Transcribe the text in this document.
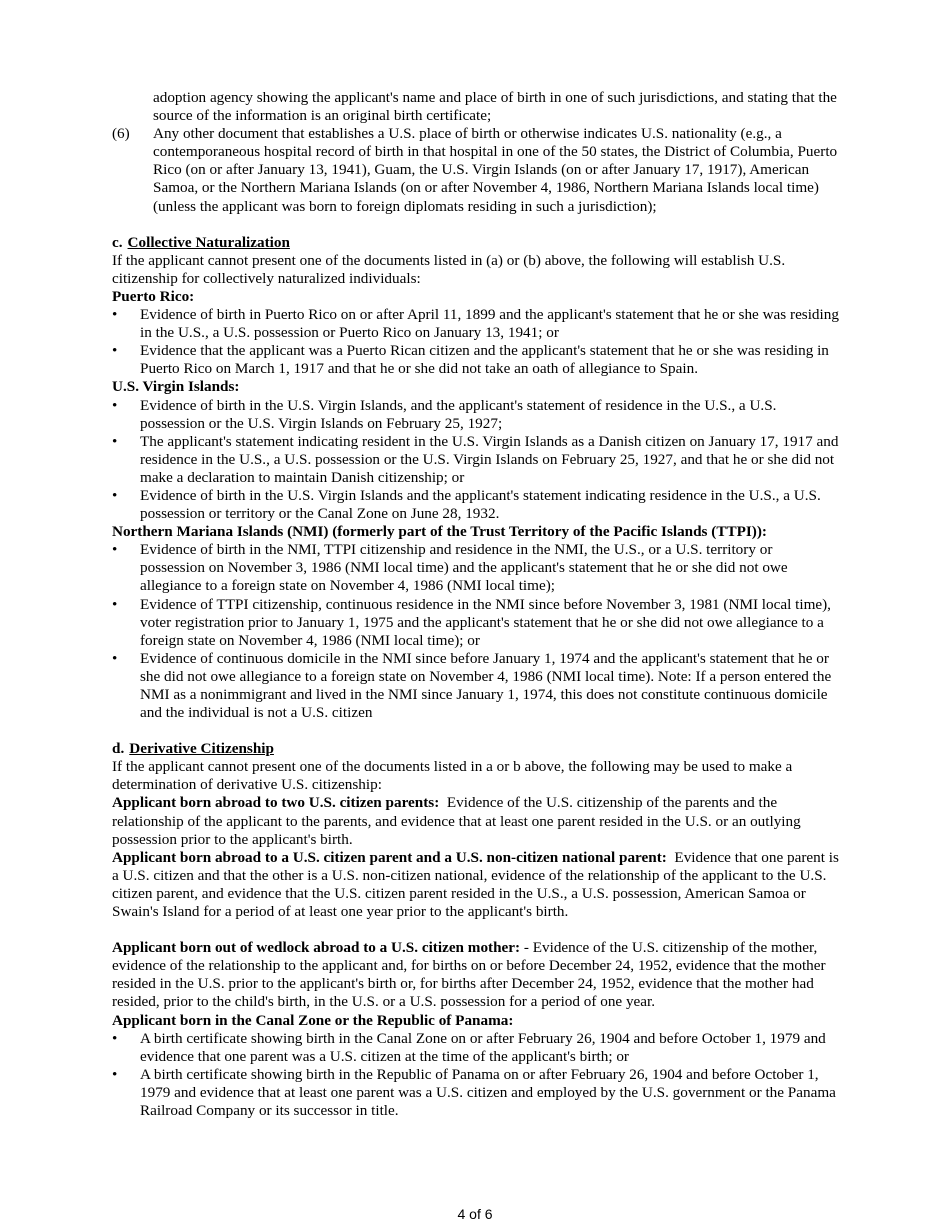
adoption agency showing the applicant's name and place of birth in one of such jurisdictions, and stating that the source of the information is an original birth certificate;
(6)	Any other document that establishes a U.S. place of birth or otherwise indicates U.S. nationality (e.g., a contemporaneous hospital record of birth in that hospital in one of the 50 states, the District of Columbia, Puerto Rico (on or after January 13, 1941), Guam, the U.S. Virgin Islands (on or after January 17, 1917), American Samoa, or the Northern Mariana Islands (on or after November 4, 1986, Northern Mariana Islands local time) (unless the applicant was born to foreign diplomats residing in such a jurisdiction);
c. Collective Naturalization
If the applicant cannot present one of the documents listed in (a) or (b) above, the following will establish U.S. citizenship for collectively naturalized individuals:
Puerto Rico:
•
Evidence of birth in Puerto Rico on or after April 11, 1899 and the applicant's statement that he or she was residing in the U.S., a U.S. possession or Puerto Rico on January 13, 1941; or
•
Evidence that the applicant was a Puerto Rican citizen and the applicant's statement that he or she was residing in Puerto Rico on March 1, 1917 and that he or she did not take an oath of allegiance to Spain.
U.S. Virgin Islands:
•
Evidence of birth in the U.S. Virgin Islands, and the applicant's statement of residence in the U.S., a U.S. possession or the U.S. Virgin Islands on February 25, 1927;
•
The applicant's statement indicating resident in the U.S. Virgin Islands as a Danish citizen on January 17, 1917 and residence in the U.S., a U.S. possession or the U.S. Virgin Islands on February 25, 1927, and that he or she did not make a declaration to maintain Danish citizenship; or
•
Evidence of birth in the U.S. Virgin Islands and the applicant's statement indicating residence in the U.S., a U.S. possession or territory or the Canal Zone on June 28, 1932.
Northern Mariana Islands (NMI) (formerly part of the Trust Territory of the Pacific Islands (TTPI)):
•
Evidence of birth in the NMI, TTPI citizenship and residence in the NMI, the U.S., or a U.S. territory or possession on November 3, 1986 (NMI local time) and the applicant's statement that he or she did not owe allegiance to a foreign state on November 4, 1986 (NMI local time);
•
Evidence of TTPI citizenship, continuous residence in the NMI since before November 3, 1981 (NMI local time), voter registration prior to January 1, 1975 and the applicant's statement that he or she did not owe allegiance to a foreign state on November 4, 1986 (NMI local time); or
•
Evidence of continuous domicile in the NMI since before January 1, 1974 and the applicant's statement that he or she did not owe allegiance to a foreign state on November 4, 1986 (NMI local time). Note: If a person entered the NMI as a nonimmigrant and lived in the NMI since January 1, 1974, this does not constitute continuous domicile and the individual is not a U.S. citizen
d. Derivative Citizenship
If the applicant cannot present one of the documents listed in a or b above, the following may be used to make a determination of derivative U.S. citizenship:
Applicant born abroad to two U.S. citizen parents: Evidence of the U.S. citizenship of the parents and the relationship of the applicant to the parents, and evidence that at least one parent resided in the U.S. or an outlying possession prior to the applicant's birth.
Applicant born abroad to a U.S. citizen parent and a U.S. non-citizen national parent: Evidence that one parent is a U.S. citizen and that the other is a U.S. non-citizen national, evidence of the relationship of the applicant to the U.S. citizen parent, and evidence that the U.S. citizen parent resided in the U.S., a U.S. possession, American Samoa or Swain's Island for a period of at least one year prior to the applicant's birth.
Applicant born out of wedlock abroad to a U.S. citizen mother: - Evidence of the U.S. citizenship of the mother, evidence of the relationship to the applicant and, for births on or before December 24, 1952, evidence that the mother resided in the U.S. prior to the applicant's birth or, for births after December 24, 1952, evidence that the mother had resided, prior to the child's birth, in the U.S. or a U.S. possession for a period of one year.
Applicant born in the Canal Zone or the Republic of Panama:
•
A birth certificate showing birth in the Canal Zone on or after February 26, 1904 and before October 1, 1979 and evidence that one parent was a U.S. citizen at the time of the applicant's birth; or
•
A birth certificate showing birth in the Republic of Panama on or after February 26, 1904 and before October 1, 1979 and evidence that at least one parent was a U.S. citizen and employed by the U.S. government or the Panama Railroad Company or its successor in title.
4 of 6
